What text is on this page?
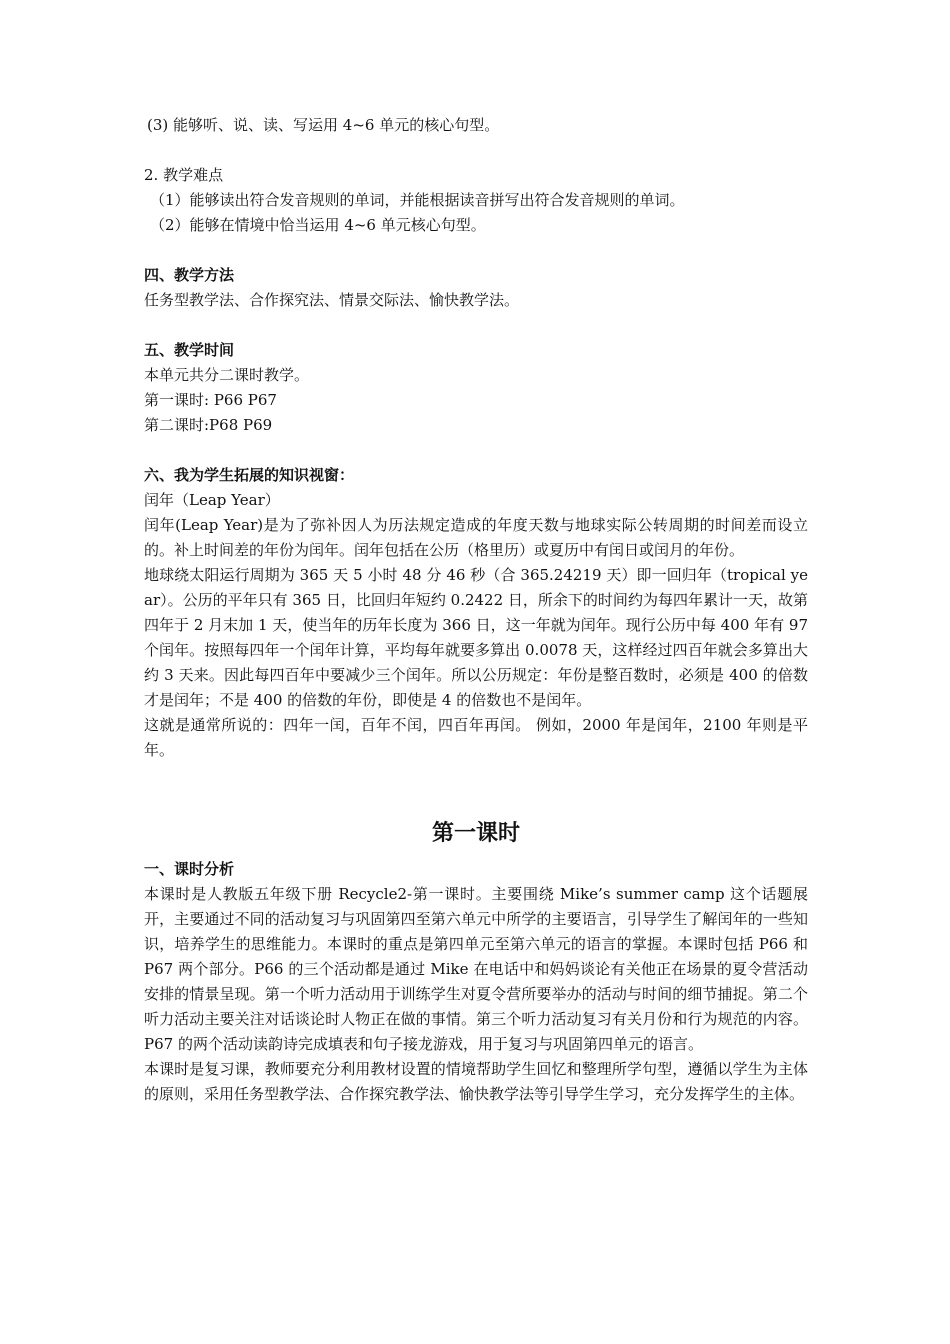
(3) 能够听、说、读、写运用 4~6 单元的核心句型。

2. 教学难点

（1）能够读出符合发音规则的单词，并能根据读音拼写出符合发音规则的单词。

（2）能够在情境中恰当运用 4~6 单元核心句型。

四、教学方法

任务型教学法、合作探究法、情景交际法、愉快教学法。

五、教学时间

本单元共分二课时教学。

第一课时: P66 P67

第二课时:P68 P69

六、我为学生拓展的知识视窗：

闰年（Leap Year）

闰年(Leap Year)是为了弥补因人为历法规定造成的年度天数与地球实际公转周期的时间差而设立的。补上时间差的年份为闰年。闰年包括在公历（格里历）或夏历中有闰日或闰月的年份。

地球绕太阳运行周期为 365 天 5 小时 48 分 46 秒（合 365.24219 天）即一回归年（tropical year）。公历的平年只有 365 日，比回归年短约 0.2422 日，所余下的时间约为每四年累计一天，故第四年于 2 月末加 1 天，使当年的历年长度为 366 日，这一年就为闰年。现行公历中每 400 年有 97 个闰年。按照每四年一个闰年计算，平均每年就要多算出 0.0078 天，这样经过四百年就会多算出大约 3 天来。因此每四百年中要减少三个闰年。所以公历规定：年份是整百数时，必须是 400 的倍数才是闰年；不是 400 的倍数的年份，即使是 4 的倍数也不是闰年。

这就是通常所说的：四年一闰，百年不闰，四百年再闰。 例如，2000 年是闰年，2100 年则是平年。

第一课时

一、课时分析

本课时是人教版五年级下册 Recycle2-第一课时。主要围绕 Mike’s summer camp 这个话题展开，主要通过不同的活动复习与巩固第四至第六单元中所学的主要语言，引导学生了解闰年的一些知识，培养学生的思维能力。本课时的重点是第四单元至第六单元的语言的掌握。本课时包括 P66 和 P67 两个部分。P66 的三个活动都是通过 Mike 在电话中和妈妈谈论有关他正在场景的夏令营活动安排的情景呈现。第一个听力活动用于训练学生对夏令营所要举办的活动与时间的细节捕捉。第二个听力活动主要关注对话谈论时人物正在做的事情。第三个听力活动复习有关月份和行为规范的内容。P67 的两个活动读韵诗完成填表和句子接龙游戏，用于复习与巩固第四单元的语言。

本课时是复习课，教师要充分利用教材设置的情境帮助学生回忆和整理所学句型，遵循以学生为主体的原则，采用任务型教学法、合作探究教学法、愉快教学法等引导学生学习，充分发挥学生的主体。
